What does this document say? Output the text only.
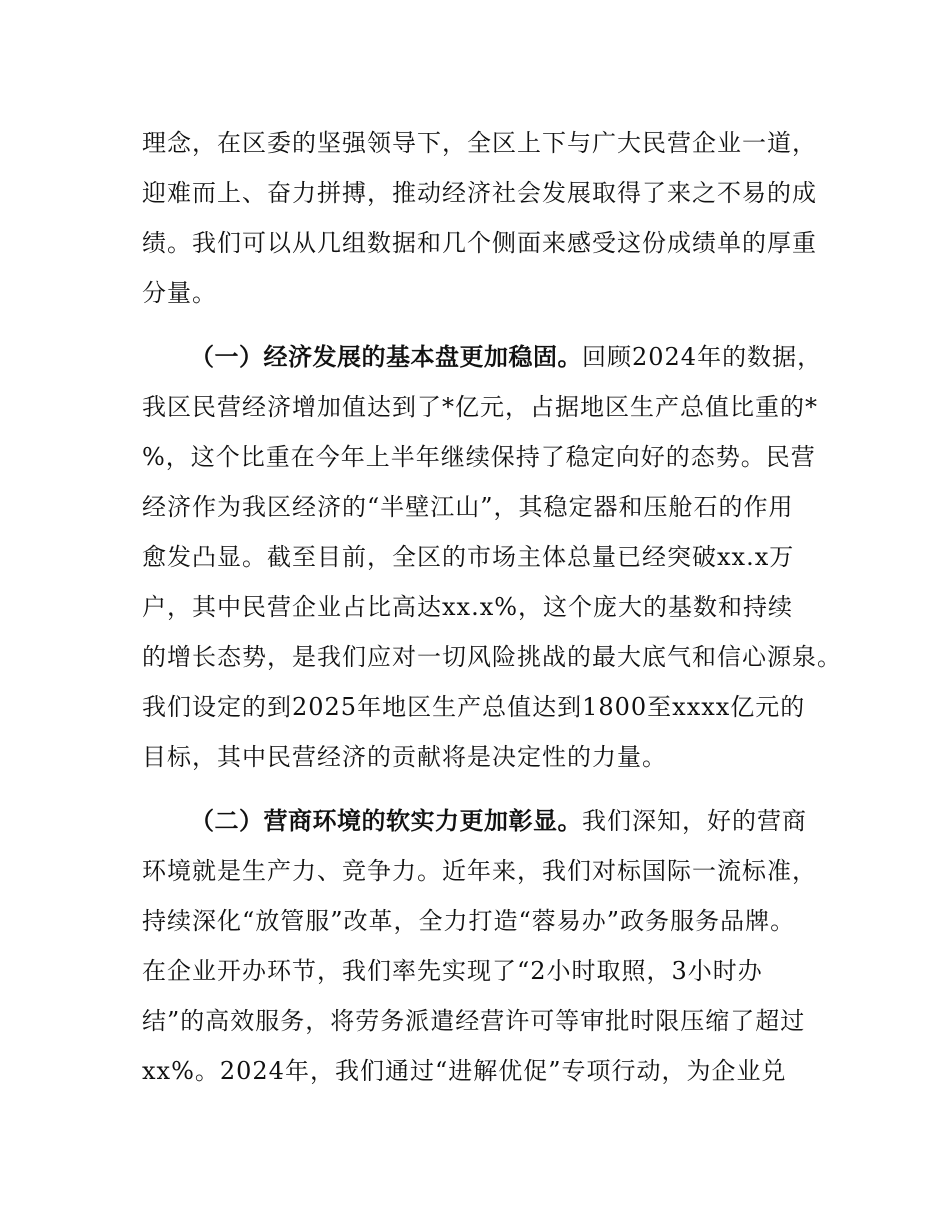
理念，在区委的坚强领导下，全区上下与广大民营企业一道，
迎难而上、奋力拼搏，推动经济社会发展取得了来之不易的成
绩。我们可以从几组数据和几个侧面来感受这份成绩单的厚重
分量。
（一）经济发展的基本盘更加稳固。回顾2024年的数据，
我区民营经济增加值达到了*亿元，占据地区生产总值比重的*
%，这个比重在今年上半年继续保持了稳定向好的态势。民营
经济作为我区经济的“半壁江山”，其稳定器和压舱石的作用
愈发凸显。截至目前，全区的市场主体总量已经突破xx.x万
户，其中民营企业占比高达xx.x%，这个庞大的基数和持续
的增长态势，是我们应对一切风险挑战的最大底气和信心源泉。
我们设定的到2025年地区生产总值达到1800至xxxx亿元的
目标，其中民营经济的贡献将是决定性的力量。
（二）营商环境的软实力更加彰显。我们深知，好的营商
环境就是生产力、竞争力。近年来，我们对标国际一流标准，
持续深化“放管服”改革，全力打造“蓉易办”政务服务品牌。
在企业开办环节，我们率先实现了“2小时取照，3小时办
结”的高效服务，将劳务派遣经营许可等审批时限压缩了超过
xx%。2024年，我们通过“进解优促”专项行动，为企业兑
